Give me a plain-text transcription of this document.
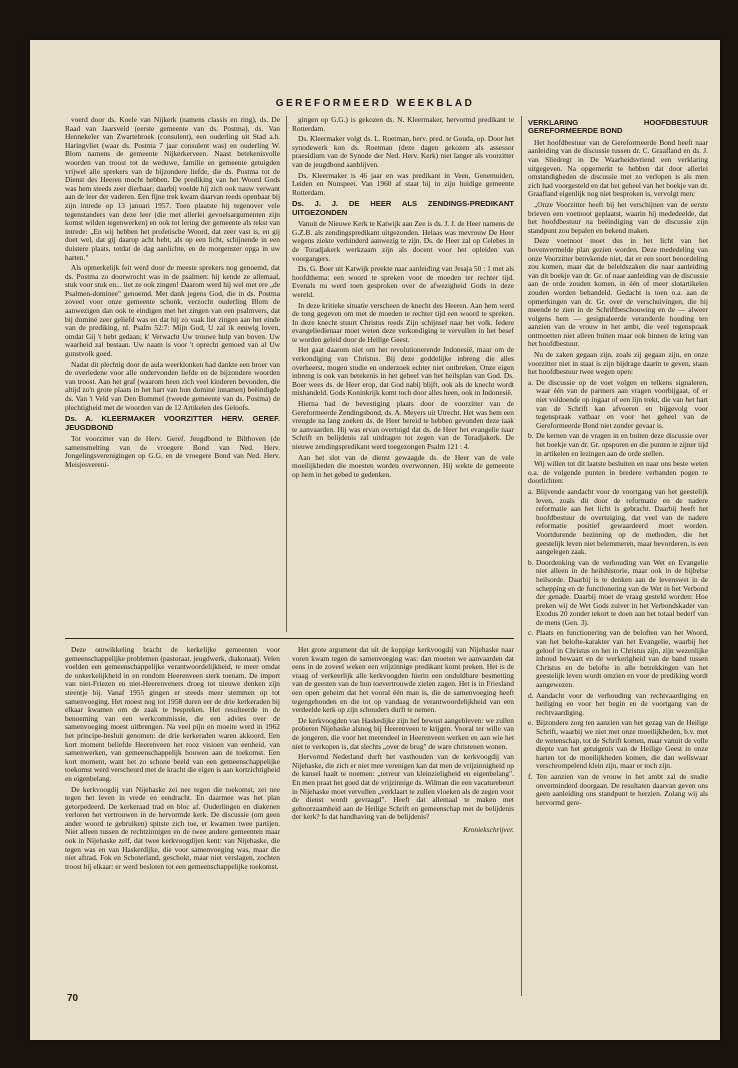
GEREFORMEERD WEEKBLAD

voerd door ds. Koele van Nijkerk (namens classis en ring), ds. De Raad van Jaarsveld (eerste gemeente van ds. Postma), ds. Van Hennekeler van Zwartebroek (consulent), een ouderling uit Stad a.h. Haringvliet (waar ds. Postma 7 jaar consulent was) en ouderling W. Blom namens de gemeente Nijkerkerveen. Naast betekenisvolle woorden van troost tot de weduwe, familie en gemeente getuigden vrijwel alle sprekers van de bijzondere liefde, die ds. Postma tot de Dienst des Heeren mocht hebben. De prediking van het Woord Gods was hem steeds zeer dierbaar; daarbij voelde hij zich ook nauw verwant aan de leer der vaderen. Een fijne trek kwam daarvan reeds openbaar bij zijn intrede op 13 januari 1957. Toen plaatste hij tegenover vele tegenstanders van deze leer (die met allerlei gevoelsargumenten zijn komst wilden tegenwerken) en ook tot lering der gemeente als tekst van intrede: „En wij hebben het profetische Woord, dat zeer vast is, en gij doet wel, dat gij daarop acht hebt, als op een licht, schijnende in een duistere plaats, totdat de dag aanlichte, en de morgenster opga in uw harten."

Als opmerkelijk feit werd door de meeste sprekers nog genoemd, dat ds. Postma zo doorwrocht was in de psalmen: hij kende ze allemaal, stuk voor stuk en... liet ze ook zingen! Daarom werd hij wel met ere „de Psalmen-dominee" genoemd. Met dank jegens God, die in ds. Postma zoveel voor onze gemeente schonk, verzocht ouderling Blom de aanwezigen dan ook te eindigen met het zingen van een psalmvers, dat bij dominé zeer geliefd was en dat hij zo vaak liet zingen aan het einde van de prediking, nl. Psalm 52:7: Mijn God, U zal ik eeuwig loven, omdat Gij 't hebt gedaan; k' Verwacht Uw trouwe hulp van boven. Uw waarheid zal bestaan. Uw naam is voor 't oprecht gemoed van al Uw gunstvolk goed.

Nadat dit plechtig door de aula weerklonken had dankte een broer van de overledene voor alle ondervonden liefde en de bijzondere woorden van troost. Aan het graf (waarom heen zich veel kinderen bevonden, die altijd zo'n grote plaats in het hart van hun dominé innamen) beëindigde ds. Van 't Veld van Den Bommel (tweede gemeente van ds. Postma) de plechtigheid met de woorden van de 12 Artikelen des Geloofs.

Ds. A. KLEERMAKER VOORZITTER HERV. GEREF. JEUGDBOND

Tot voorzitter van de Herv. Geref. Jeugdbond te Bilthoven (de samensmelting van de vroegere Bond van Ned. Herv. Jongelingsverenigingen op G.G. en de vroegere Bond van Ned. Herv. Meisjesvereni-

gingen op G.G.) is gekozen ds. N. Kleermaker, hervormd predikant te Rotterdam.

Ds. Kleermaker volgt ds. L. Roetman, herv. pred. te Gouda, op. Door het synodewerk kon ds. Roetman (deze dagen gekozen als assessor praesidium van de Synode der Ned. Herv. Kerk) niet langer als voorzitter van de jeugdbond aanblijven.

Ds. Kleermaker is 46 jaar en was predikant in Veen, Genemuiden, Leiden en Nunspeet. Van 1960 af staat hij in zijn huidige gemeente Rotterdam.

Ds. J. J. DE HEER ALS ZENDINGS-PREDIKANT UITGEZONDEN

Vanuit de Nieuwe Kerk te Katwijk aan Zee is ds. J. J. de Heer namens de G.Z.B. als zendingspredikant uitgezonden. Helaas was mevrouw De Heer wegens ziekte verhinderd aanwezig te zijn. Ds. de Heer zal op Celebes in de Toradjakerk werkzaam zijn als docent voor het opleiden van voorgangers.

Ds. G. Boer uit Katwijk preekte naar aanleiding van Jesaja 50 : 1 met als hoofdthema: een woord te spreken voor de moeden ter rechter tijd. Evenals nu werd toen gesproken over de afwezigheid Gods in deze wereld.

In deze kritieke situatie verscheen de knecht des Heeren. Aan hem werd de tong gegeven om met de moeden te rechter tijd een woord te spreken. In deze knecht stuurt Christus reeds Zijn schijnsel naar het volk. Iedere evangeliedienaar moet weten deze verkondiging te vervullen in het besef te worden geleid door de Heilige Geest.

Het gaat daarom niet om het revolutionerende Indonesië, maar om de verkondiging van Christus. Bij deze goddelijke inbreng die alles overheerst, mogen studie en onderzoek echter niet ontbreken. Onze eigen inbreng is ook van betekenis in het geheel van het heilsplan van God. Ds. Boer wees ds. de Heer erop, dat God nabij blijft, ook als de knecht wordt mishandeld. Gods Koninkrijk komt toch door alles heen, ook in Indonesië.

Hierna had de bevestiging plaats door de voorzitter van de Gereformeerde Zendingsbond, ds. A. Meyers uit Utrecht. Het was hem een vreugde na lang zoeken ds. de Heer bereid te hebben gevonden deze taak te aanvaarden. Hij was ervan overtuigd dat ds. de Heer het evangelie naar Schrift en belijdenis zal uitdragen tot zegen van de Toradjakerk. De nieuwe zendingspredikant werd toegezongen Psalm 121 : 4.

Aan het slot van de dienst gewaagde ds. de Heer van de vele moeilijkheden die moesten worden overwonnen. Hij wekte de gemeente op hem in het gebed te gedenken.

VERKLARING HOOFDBESTUUR GEREFORMEERDE BOND

Het hoofdbestuur van de Gereformeerde Bond heeft naar aanleiding van de discussie tussen dr. C. Graafland en ds. J. van Sliedregt in De Waarheidsvriend een verklaring uitgegeven. Na opgemerkt te hebben dat door allerlei omstandigheden de discussie met zo verlopen is als men zich had voorgesteld en dat het geheel van het boekje van dr. Graafland eigenlijk nog niet besproken is, vervolgt men:

„Onze Voorzitter heeft bij het verschijnen van de eerste brieven een voetnoot geplaatst, waarin hij mededeelde, dat het hoofdbestuur na beëindiging van de discussie zijn standpunt zou bepalen en bekend maken.

Deze voetnoot moet dus in het licht van het bovenvermelde plan gezien worden. Deze mededeling van onze Voorzitter betrekende niet, dat er een soort beoordeling zou komen, maar dat de beleidszaken die naar aanleiding van dit boekje van dr. Gr. of naar aanleiding van de discussie aan de orde zouden komen, in één of meer slotartikelen zouden worden behandeld. Gedacht is toen o.a. aan de opmerkingen van dr. Gr. over de verschuivingen, die hij meende te zien in de Schriftbeschouwing en de — alweer volgens hem — gesignaleerde veranderde houding ten aanzien van de vrouw in het ambt, die veel tegenspraak ontmoetten niet alleen buiten maar ook binnen de kring van het hoofdbestuur.

Nu de zaken gegaan zijn, zoals zij gegaan zijn, en onze voorzitter niet in staat is zijn bijdrage daarin te geven, staan het hoofdbestuur twee wegen open:

a. De discussie op de voet volgen en telkens signaleren, waar één van de partners aan vragen voorbijgaat, of er niet voldoende op ingaat of een lijn trekt, die van het hart van de Schrift kan afvoeren en bijgevolg voor tegenspraak vatbaar en voor het geheel van de Gereformeerde Bond niet zonder gevaar is.
b. De kernen van de vragen in en buiten deze discussie over het boekje van dr. Gr. opsporen en die punten te zijner tijd in artikelen en lezingen aan de orde stellen.

Wij willen tot dit laatste besluiten en naar ons beste weten o.a. de volgende punten in bredere verbanden pogen te doorlichten:

a. Blijvende aandacht voor de voortgang van het geestelijk leven, zoals dit door de reformatie en de nadere reformatie aan het licht is gebracht. Daarbij heeft het hoofdbestuur de overtuiging, dat veel van de nadere reformatie positief gewaardeerd moet worden. Voortdurende bezinning op de methoden, die het geestelijk leven niet belemmeren, maar bevorderen, is een aangelegen zaak.
b. Doordenking van de verhouding van Wet en Evangelie niet alleen in de heilshistorie, maar ook in de bijbelse heilsorde. Daarbij is te denken aan de levenswet in de schepping en de functionering van de Wet in het Verbond der genade. Daarbij moet de vraag gesteld worden: Hoe preken wij de Wet Gods zuiver in het Verbondskader van Exodus 20 zonder tekort te doen aan het totaal bederf van de mens (Gen. 3).
c. Plaats en functionering van de beloften van het Woord, van het belofte-karakter van het Evangelie, waarbij het geloof in Christus en het in Christus zijn, zijn wezenlijke inhoud bewaart en de werkerigheid van de band tussen Christus en de belofte in alle betrekkingen van het geestelijk leven wordt omzien en voor de prediking wordt aangewezen.
d. Aandacht voor de verhouding van rechtvaardiging en heiliging en voor het begin en de voortgang van de rechtvaardiging.
e. Bijzondere zorg ten aanzien van het gezag van de Heilige Schrift, waarbij we niet met onze moeilijkheden, b.v. met de wetenschap, tot de Schrift komen, maar vanuit de volle diepte van het getuigenis van de Heilige Geest in onze harten tot de moeilijkheden komen, die dan wellswaar verschrompelend klein zijn, maar er toch zijn.
f. Ten aanzien van de vrouw in het ambt zal de studie onverminderd doorgaan. De resultaten daarvan geven ons geen aanleiding ons standpunt te herzien. Zolang wij als hervormd gere-

Deze ontwikkeling bracht de kerkelijke gemeenten voor gemeenschappelijke problemen (pastoraat, jeugdwerk, diakonaat). Velen voelden een gemeenschappelijke verantwoordelijkheid, te meer omdat de onkerkelijkheid in en rondom Heerenveen sterk toenam. De import van niet-Friezen en niet-Heerenveners droeg tot nieuwe denken zijn steentje bij. Vanaf 1955 gingen er steeds meer stemmen op tot samenvoeging. Het moest nog tot 1958 duren eer de drie kerkeraden bij elkaar kwamen om de zaak te bespreken. Het resulteerde in de benoeming van een werkcommissie, die een advies over de samenvoeging moest uitbrengen. Na veel pijn en moeite werd in 1962 het principe-besluit genomen: de drie kerkeraden waren akkoord. Een kort moment beliefde Heerenveen het rooz visioen van eenheid, van samenwerken, van gemeenschappelijk bouwen aan de toekomst. Een kort moment, want het zo schone beeld van een gemeenschappelijke toekomst werd verscheurd met de kracht die eigen is aan kortzichtigheid en eigenbelang.

De kerkvoogdij van Nijehaske zei nee tegen die toekomst, zei nee tegen het leven in vrede en eendracht. En daarmee was het plan getorpedeerd. De kerkeraad trad en bloc af. Ouderlingen en diakenen verloren het vertrouwen in de hervormde kerk. De discussie (om geen ander woord te gebruiken) spitste zich toe, er kwamen twee partijen. Niet alleen tussen de rechtzinnigen en de twee andere gemeenten maar ook in Nijehaske zelf, dat twee kerkvoogdijen kent: van Nijehaske, die tegen was en van Haskerdijke, die voor samenvoeging was, maar die niet aftrad. Fok en Schoterland, geschokt, maar niet verslagen, zochten troost bij elkaar: er werd besloten tot een gemeenschappelijke toekomst.

Het grote argument dat uit de koppige kerkvoogdij van Nijehaske naar voren kwam tegen de samenvoeging was: dan moeten we aanvaarden dat eens in de zoveel weken een vrijzinnige predikant komt preken. Het is de vraag of verkeerlijk alle kerkvoogden hierin een onduldbare besmetting van de geesten van de hun toevertrouwde zielen zagen. Het is in Friesland een open geheim dat het vooral één man is, die de samenvoeging heeft tegengehouden en die tot op vandaag de verantwoordelijkheid van een verdeelde kerk op zijn schouders durft te nemen.

De kerkvoogden van Haskedijke zijn hef bewust aangebleven: we zullen proberen Nijehaske alsnog bij Heerenveen te krijgen. Vooral ter wille van de jongeren, die voor het merendeel in Heerenveen werken en aan wie het niet te verkopen is, dat slechts „over de brug" de ware christenen wonen.

Hervormd Nederland durft het vasthouden van de kerkvoogdij van Nijehaske, die zich er niet mee verenigen kan dat men de vrijzinnigheid op de kansel haalt te noemen: „terreur van kleinzieligheid en eigenbelang". En men praat het goed dat de vrijzinnige ds. Wilman die een vacaturebeurt in Nijehaske moet vervullen „verklaart te zullen vloeken als de zegen voor de dienst wordt gevraagd". Heeft dat allemaal te maken met gehoorzaamheid aan de Heilige Schrift en gemeenschap met de belijdenis der kerk? Is dat handhaving van de belijdenis?

Kroniekschrijver.
70
